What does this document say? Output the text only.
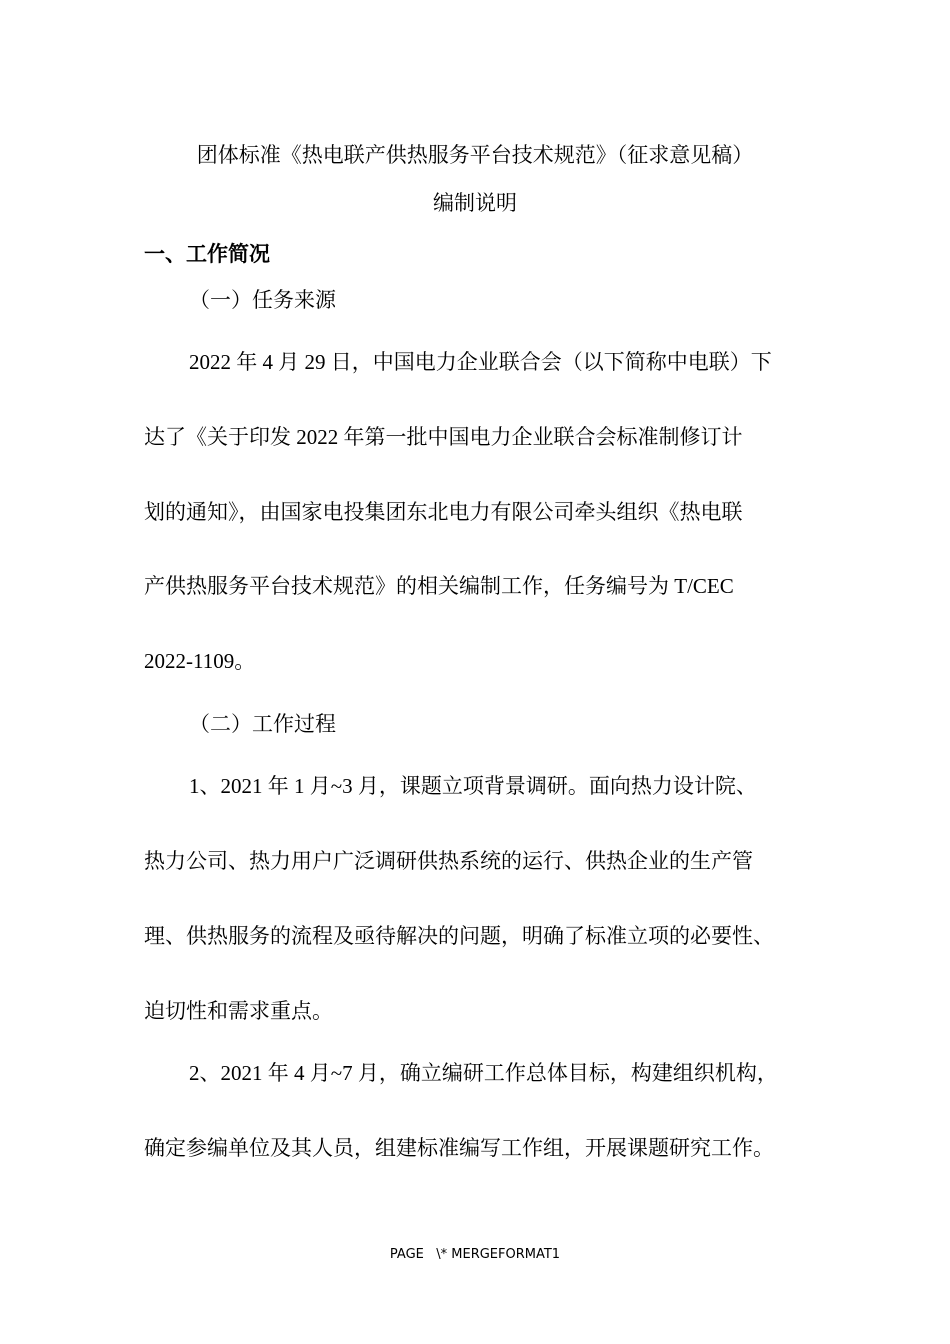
团体标准《热电联产供热服务平台技术规范》（征求意见稿）
编制说明
一、工作简况
（一）任务来源
2022 年 4 月 29 日，中国电力企业联合会（以下简称中电联）下
达了《关于印发 2022 年第一批中国电力企业联合会标准制修订计
划的通知》，由国家电投集团东北电力有限公司牵头组织《热电联
产供热服务平台技术规范》的相关编制工作，任务编号为 T/CEC
2022-1109。
（二）工作过程
1、2021 年 1 月~3 月，课题立项背景调研。面向热力设计院、
热力公司、热力用户广泛调研供热系统的运行、供热企业的生产管
理、供热服务的流程及亟待解决的问题，明确了标准立项的必要性、
迫切性和需求重点。
2、2021 年 4 月~7 月，确立编研工作总体目标，构建组织机构，
确定参编单位及其人员，组建标准编写工作组，开展课题研究工作。
PAGE   \* MERGEFORMAT1
